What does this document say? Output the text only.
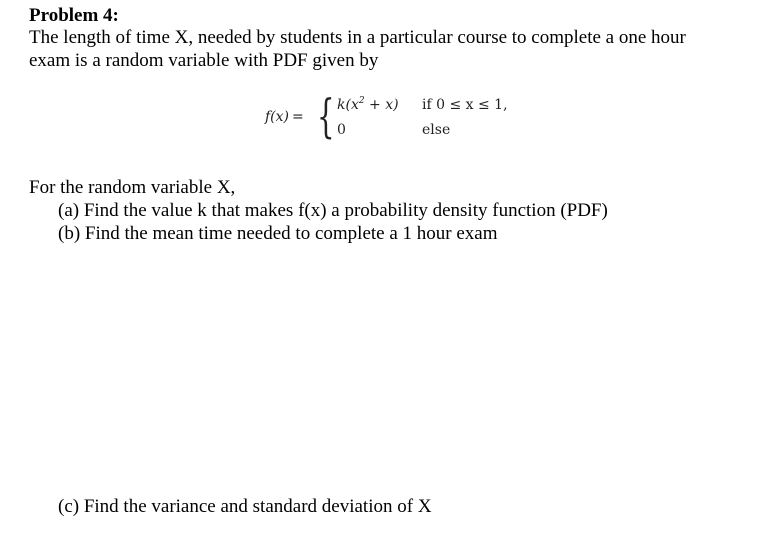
Problem 4:
The length of time X, needed by students in a particular course to complete a one hour
exam is a random variable with PDF given by
f(x) = { $k(x^2 + x)$ if 0 ≤ x ≤ 1,
0	else
For the random variable X,
(a) Find the value k that makes f(x) a probability density function (PDF)
(b) Find the mean time needed to complete a 1 hour exam
(c) Find the variance and standard deviation of X
